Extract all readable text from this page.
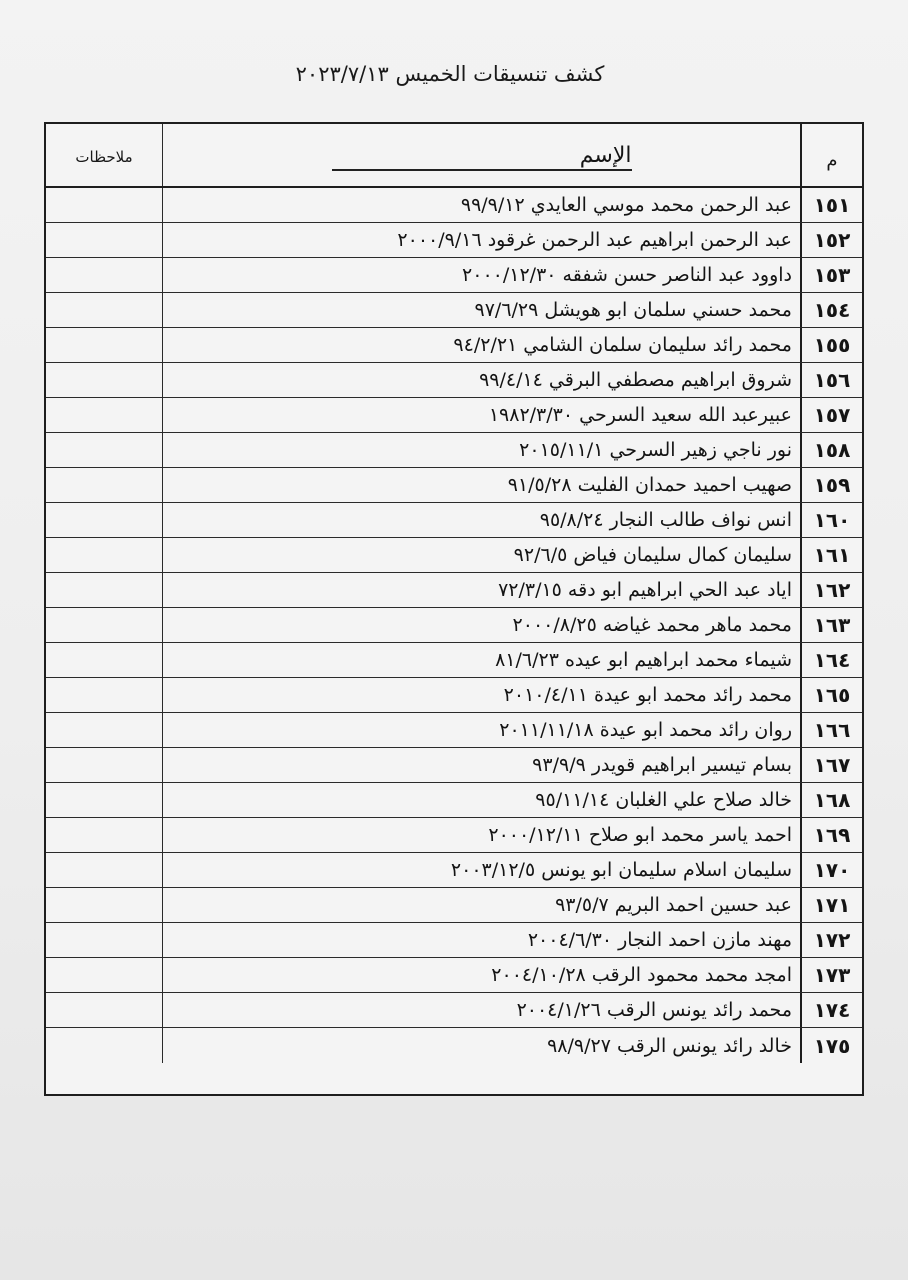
كشف تنسيقات الخميس ٢٠٢٣/٧/١٣
م
الإسم
ملاحظات
١٥١
عبد الرحمن محمد موسي العايدي ٩٩/٩/١٢
١٥٢
عبد الرحمن ابراهيم عبد الرحمن غرقود ٢٠٠٠/٩/١٦
١٥٣
داوود عبد الناصر حسن شفقه ٢٠٠٠/١٢/٣٠
١٥٤
محمد حسني سلمان ابو هويشل ٩٧/٦/٢٩
١٥٥
محمد رائد سليمان سلمان الشامي ٩٤/٢/٢١
١٥٦
شروق ابراهيم مصطفي البرقي ٩٩/٤/١٤
١٥٧
عبيرعبد الله سعيد السرحي ١٩٨٢/٣/٣٠
١٥٨
نور ناجي زهير السرحي ٢٠١٥/١١/١
١٥٩
صهيب احميد حمدان الفليت ٩١/٥/٢٨
١٦٠
انس نواف طالب النجار ٩٥/٨/٢٤
١٦١
سليمان كمال سليمان فياض ٩٢/٦/٥
١٦٢
اياد عبد الحي ابراهيم ابو دقه ٧٢/٣/١٥
١٦٣
محمد ماهر محمد غياضه ٢٠٠٠/٨/٢٥
١٦٤
شيماء محمد ابراهيم ابو عيده ٨١/٦/٢٣
١٦٥
محمد رائد محمد ابو عيدة ٢٠١٠/٤/١١
١٦٦
روان رائد محمد ابو عيدة ٢٠١١/١١/١٨
١٦٧
بسام تيسير ابراهيم قويدر ٩٣/٩/٩
١٦٨
خالد صلاح علي الغلبان ٩٥/١١/١٤
١٦٩
احمد ياسر محمد ابو صلاح ٢٠٠٠/١٢/١١
١٧٠
سليمان اسلام سليمان ابو يونس ٢٠٠٣/١٢/٥
١٧١
عبد حسين احمد البريم ٩٣/٥/٧
١٧٢
مهند مازن احمد النجار ٢٠٠٤/٦/٣٠
١٧٣
امجد محمد محمود الرقب ٢٠٠٤/١٠/٢٨
١٧٤
محمد رائد يونس الرقب ٢٠٠٤/١/٢٦
١٧٥
خالد رائد يونس الرقب ٩٨/٩/٢٧
